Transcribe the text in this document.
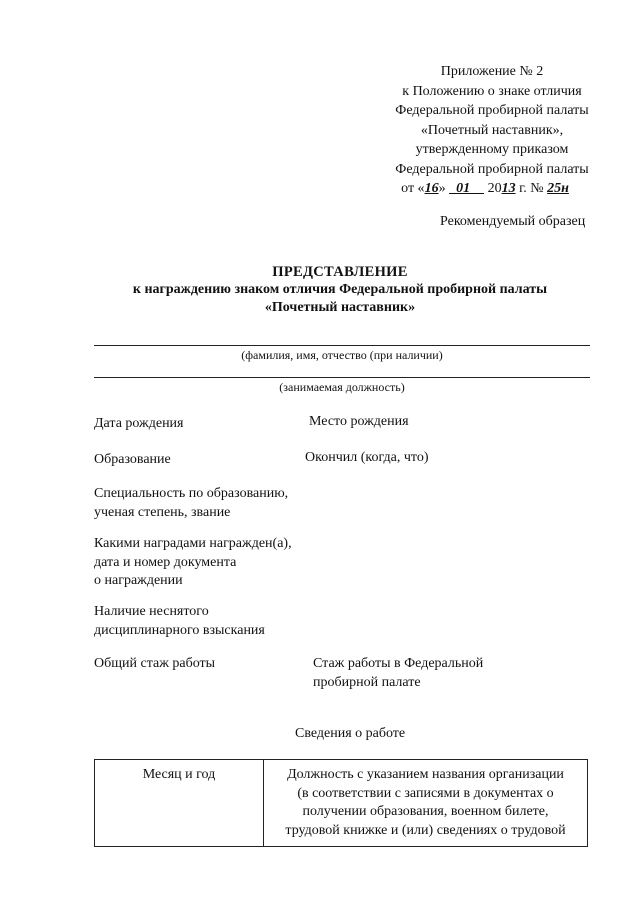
Приложение № 2
к Положению о знаке отличия
Федеральной пробирной палаты
«Почетный наставник»,
утвержденному приказом
Федеральной пробирной палаты
от «16» 01 2013 г. № 25н
Рекомендуемый образец
ПРЕДСТАВЛЕНИЕ
к награждению знаком отличия Федеральной пробирной палаты
«Почетный наставник»
(фамилия, имя, отчество (при наличии)
(занимаемая должность)
Дата рождения	Место рождения
Образование	Окончил (когда, что)
Специальность по образованию,
ученая степень, звание
Какими наградами награжден(а),
дата и номер документа
о награждении
Наличие неснятого
дисциплинарного взыскания
Общий стаж работы	Стаж работы в Федеральной
пробирной палате
Сведения о работе
Месяц и год	Должность с указанием названия организации
(в соответствии с записями в документах о
получении образования, военном билете,
трудовой книжке и (или) сведениях о трудовой
